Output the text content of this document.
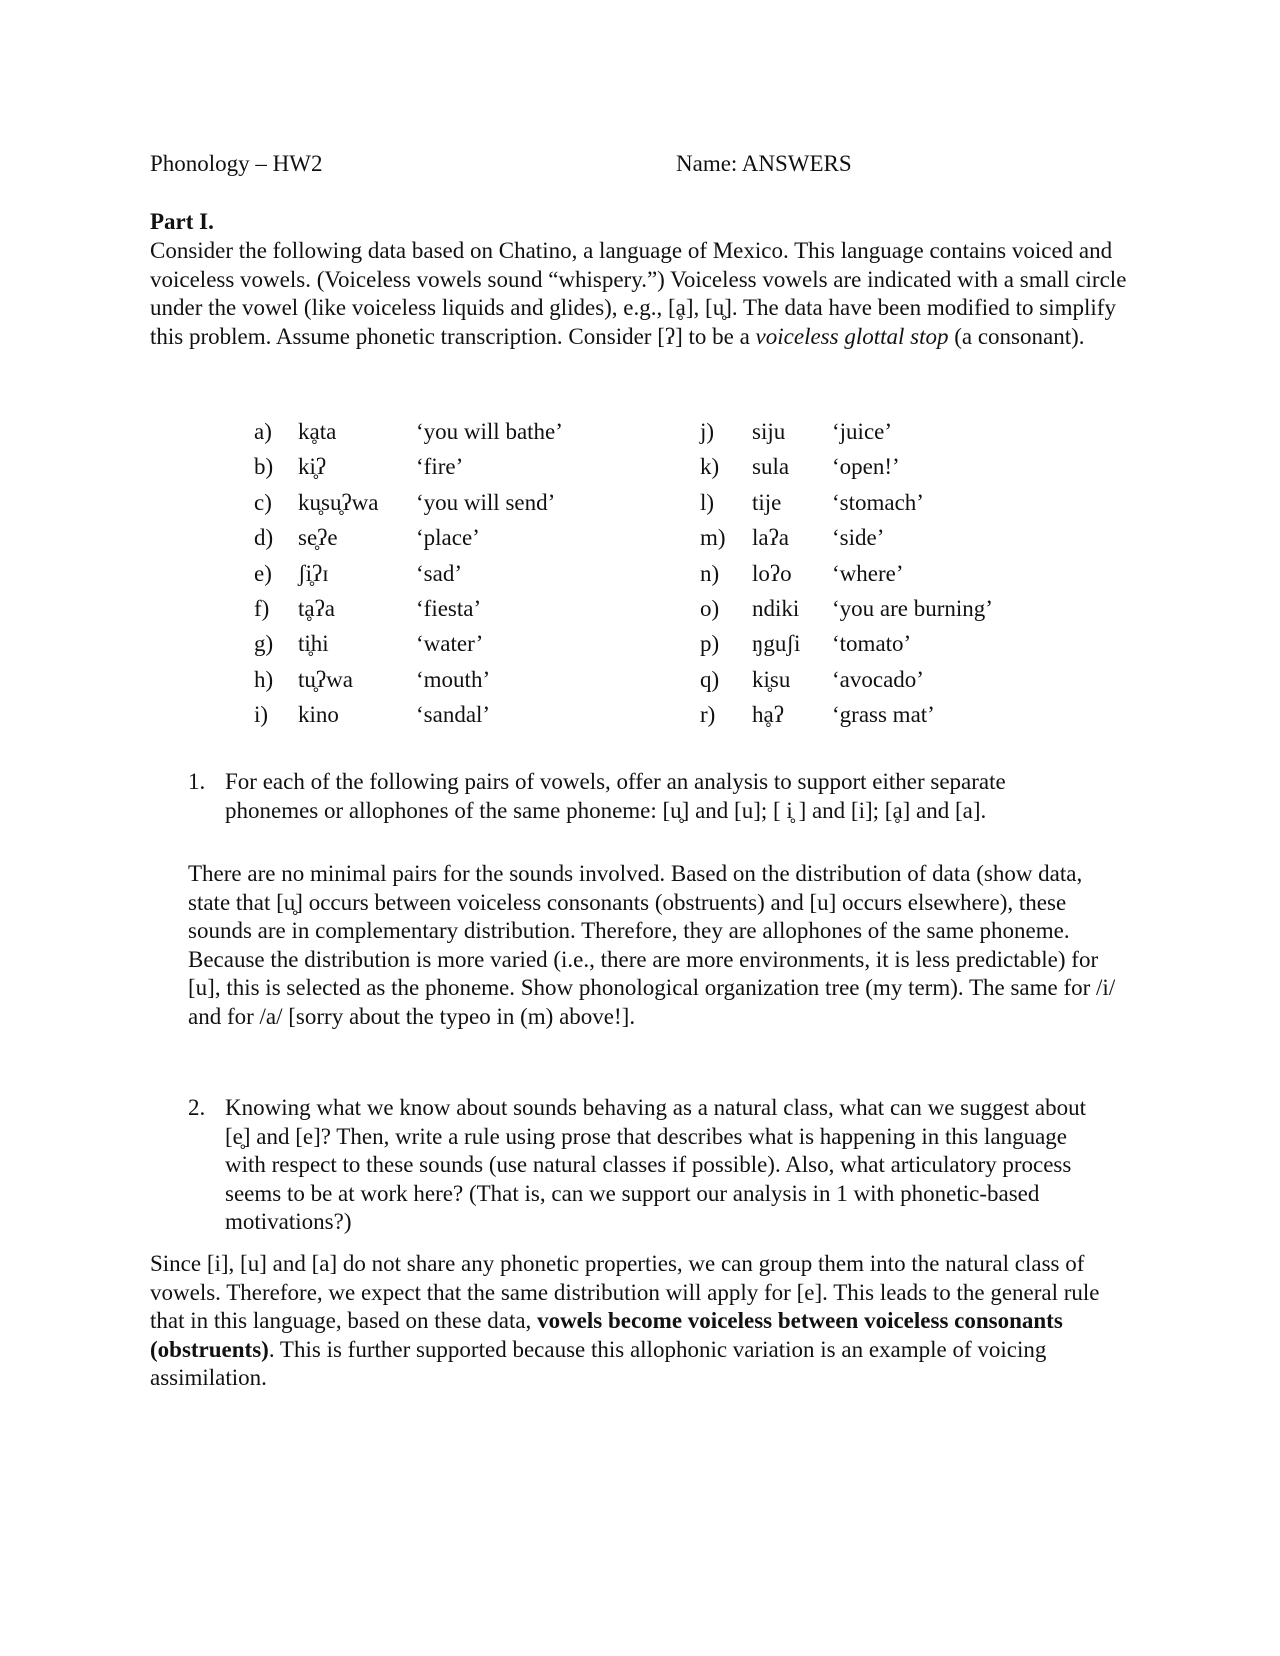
Phonology – HW2	Name: ANSWERS
Part I.

Consider the following data based on Chatino, a language of Mexico. This language contains voiced and voiceless vowels. (Voiceless vowels sound “whispery.”) Voiceless vowels are indicated with a small circle under the vowel (like voiceless liquids and glides), e.g., [ḁ], [u̥]. The data have been modified to simplify this problem. Assume phonetic transcription. Consider [ʔ] to be a voiceless glottal stop (a consonant).

a) kḁta	‘you will bathe’
b) ki̥ʔ	‘fire’
c) ku̥su̥ʔwa ‘you will send’
d) se̥ʔe	‘place’
e) ʃi̥ʔɪ	‘sad’
f) tḁʔa	‘fiesta’
g) ti̥hi	‘water’
h) tu̥ʔwa	‘mouth’
i) kino	‘sandal’
j) siju ‘juice’
k) sula ‘open!’
l) tije ‘stomach’
m) laʔa ‘side’
n) loʔo ‘where’
o) ndiki ‘you are burning’
p) ŋguʃi ‘tomato’
q) ki̥su ‘avocado’
r) hḁʔ ‘grass mat’
1. For each of the following pairs of vowels, offer an analysis to support either separate phonemes or allophones of the same phoneme: [u̥] and [u]; [ i̥ ] and [i]; [ḁ] and [a].
There are no minimal pairs for the sounds involved. Based on the distribution of data (show data, state that [u̥] occurs between voiceless consonants (obstruents) and [u] occurs elsewhere), these sounds are in complementary distribution. Therefore, they are allophones of the same phoneme. Because the distribution is more varied (i.e., there are more environments, it is less predictable) for [u], this is selected as the phoneme. Show phonological organization tree (my term). The same for /i/ and for /a/ [sorry about the typeo in (m) above!].
2. Knowing what we know about sounds behaving as a natural class, what can we suggest about [e̥] and [e]? Then, write a rule using prose that describes what is happening in this language with respect to these sounds (use natural classes if possible). Also, what articulatory process seems to be at work here? (That is, can we support our analysis in 1 with phonetic-based motivations?)

Since [i], [u] and [a] do not share any phonetic properties, we can group them into the natural class of vowels. Therefore, we expect that the same distribution will apply for [e]. This leads to the general rule that in this language, based on these data, vowels become voiceless between voiceless consonants (obstruents). This is further supported because this allophonic variation is an example of voicing assimilation.
